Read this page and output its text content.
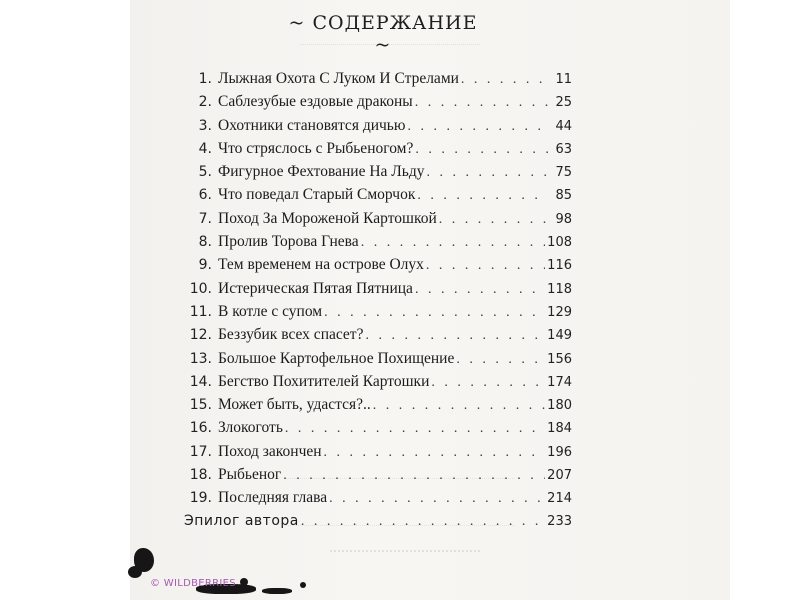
~ СОДЕРЖАНИЕ ~
1. Лыжная Охота С Луком И Стрелами . . .	11
2. Саблезубые ездовые драконы . . .	25
3. Охотники становятся дичью . . .	44
4. Что стряслось с Рыбьеногом? . . .	63
5. Фигурное Фехтование На Льду . . .	75
6. Что поведал Старый Сморчок . . .	85
7. Поход За Мороженой Картошкой . . .	98
8. Пролив Торова Гнева . . .	108
9. Тем временем на острове Олух . . .	116
10. Истерическая Пятая Пятница . . .	118
11. В котле с супом . . .	129
12. Беззубик всех спасет? . . .	149
13. Большое Картофельное Похищение . . .	156
14. Бегство Похитителей Картошки . . .	174
15. Может быть, удастся?.. . . .	180
16. Злокоготь . . .	184
17. Поход закончен . . .	196
18. Рыбьеног . . .	207
19. Последняя глава . . .	214
Эпилог автора . . .	233
© WILDBERRIES
